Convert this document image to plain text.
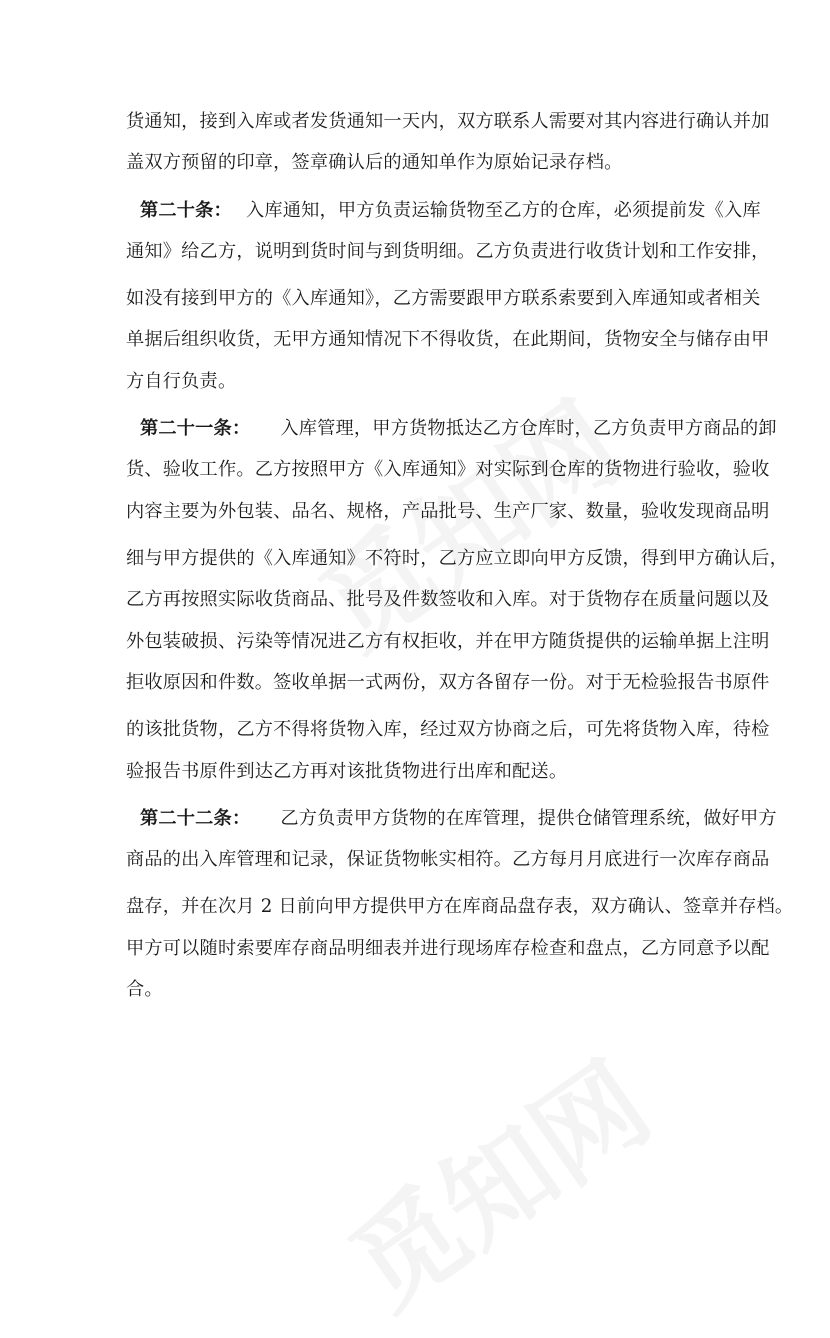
货通知，接到入库或者发货通知一天内，双方联系人需要对其内容进行确认并加
盖双方预留的印章，签章确认后的通知单作为原始记录存档。
第二十条： 入库通知，甲方负责运输货物至乙方的仓库，必须提前发《入库
通知》给乙方，说明到货时间与到货明细。乙方负责进行收货计划和工作安排，
如没有接到甲方的《入库通知》，乙方需要跟甲方联系索要到入库通知或者相关
单据后组织收货，无甲方通知情况下不得收货，在此期间，货物安全与储存由甲
方自行负责。
第二十一条： 入库管理，甲方货物抵达乙方仓库时，乙方负责甲方商品的卸
货、验收工作。乙方按照甲方《入库通知》对实际到仓库的货物进行验收，验收
内容主要为外包装、品名、规格，产品批号、生产厂家、数量，验收发现商品明
细与甲方提供的《入库通知》不符时，乙方应立即向甲方反馈，得到甲方确认后，
乙方再按照实际收货商品、批号及件数签收和入库。对于货物存在质量问题以及
外包装破损、污染等情况进乙方有权拒收，并在甲方随货提供的运输单据上注明
拒收原因和件数。签收单据一式两份，双方各留存一份。对于无检验报告书原件
的该批货物，乙方不得将货物入库，经过双方协商之后，可先将货物入库，待检
验报告书原件到达乙方再对该批货物进行出库和配送。
第二十二条： 乙方负责甲方货物的在库管理，提供仓储管理系统，做好甲方
商品的出入库管理和记录，保证货物帐实相符。乙方每月月底进行一次库存商品
盘存，并在次月 2 日前向甲方提供甲方在库商品盘存表，双方确认、签章并存档。
甲方可以随时索要库存商品明细表并进行现场库存检查和盘点，乙方同意予以配
合。
